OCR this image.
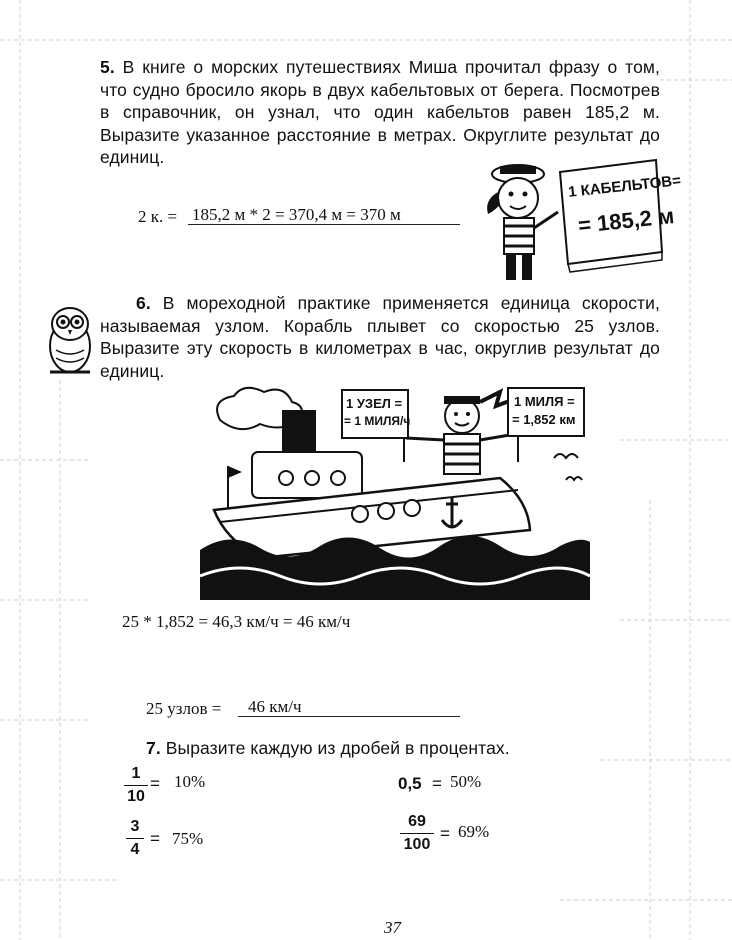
5. В книге о морских путешествиях Миша прочитал фразу о том, что судно бросило якорь в двух кабельтовых от берега. Посмотрев в справочник, он узнал, что один кабельтов равен 185,2 м. Выразите указанное расстояние в метрах. Округлите результат до единиц.
2 к. = 185,2 м * 2 = 370,4 м = 370 м
1 КАБЕЛЬТОВ=
= 185,2 м
6. В мореходной практике применяется единица скорости, называемая узлом. Корабль плывет со скоростью 25 узлов. Выразите эту скорость в километрах в час, округлив результат до единиц.
1 УЗЕЛ =
= 1 МИЛЯ/ч
1 МИЛЯ =
= 1,852 км
25 * 1,852 = 46,3 км/ч = 46 км/ч
25 узлов = 46 км/ч
7. Выразите каждую из дробей в процентах.
1
10
= 10%	0,5 = 50%
3
4
= 75%
69
100
= 69%
37
